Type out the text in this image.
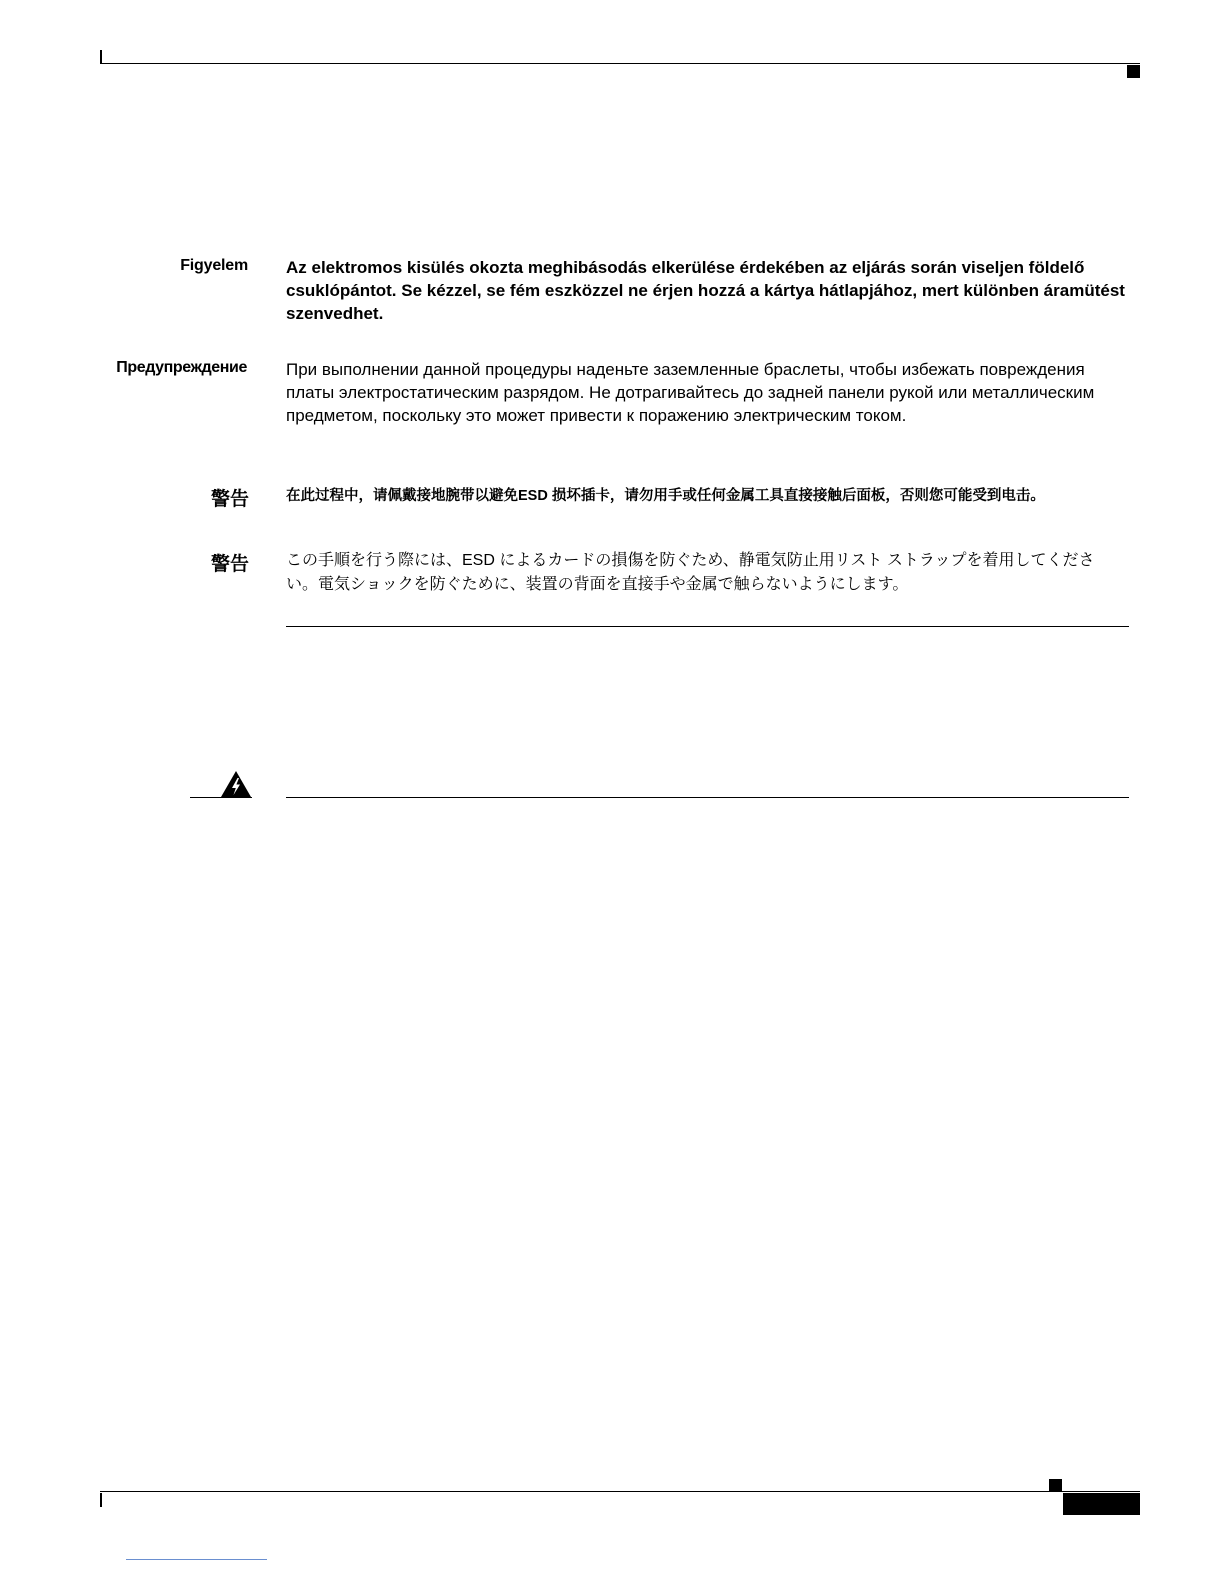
Figyelem Az elektromos kisülés okozta meghibásodás elkerülése érdekében az eljárás során viseljen földelő csuklópántot. Se kézzel, se fém eszközzel ne érjen hozzá a kártya hátlapjához, mert különben áramütést szenvedhet.
Предупреждение При выполнении данной процедуры наденьте заземленные браслеты, чтобы избежать повреждения платы электростатическим разрядом. Не дотрагивайтесь до задней панели рукой или металлическим предметом, поскольку это может привести к поражению электрическим током.
警告	在此过程中，请佩戴接地腕带以避免ESD 损坏插卡，请勿用手或任何金属工具直接接触后面板，否则您可能受到电击。
警告 この手順を行う際には、ESD によるカードの損傷を防ぐため、静電気防止用リスト ストラップを着用してください。電気ショックを防ぐために、装置の背面を直接手や金属で触らないようにします。
